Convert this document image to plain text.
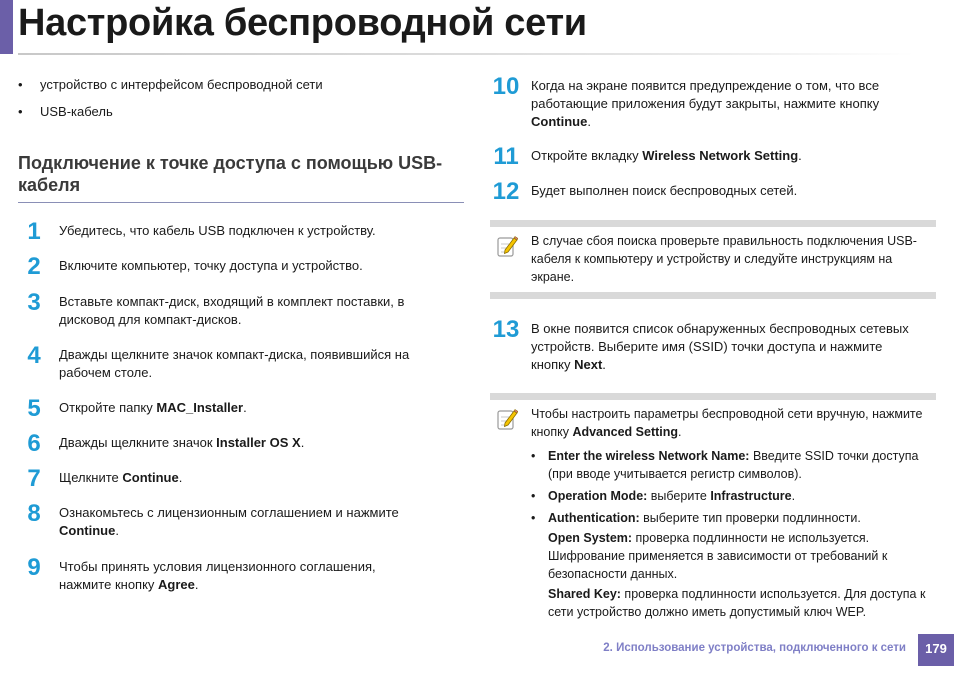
Настройка беспроводной сети
• устройство с интерфейсом беспроводной сети
• USB-кабель
Подключение к точке доступа с помощью USB-кабеля
1	Убедитесь, что кабель USB подключен к устройству.
2	Включите компьютер, точку доступа и устройство.
3	Вставьте компакт-диск, входящий в комплект поставки, в дисковод для компакт-дисков.
4	Дважды щелкните значок компакт-диска, появившийся на рабочем столе.
5	Откройте папку MAC_Installer.
6	Дважды щелкните значок Installer OS X.
7	Щелкните Continue.
8	Ознакомьтесь с лицензионным соглашением и нажмите Continue.
9	Чтобы принять условия лицензионного соглашения, нажмите кнопку Agree.
10 Когда на экране появится предупреждение о том, что все работающие приложения будут закрыты, нажмите кнопку Continue.
11 Откройте вкладку Wireless Network Setting.
12 Будет выполнен поиск беспроводных сетей.
В случае сбоя поиска проверьте правильность подключения USB-кабеля к компьютеру и устройству и следуйте инструкциям на экране.
13 В окне появится список обнаруженных беспроводных сетевых устройств. Выберите имя (SSID) точки доступа и нажмите кнопку Next.
Чтобы настроить параметры беспроводной сети вручную, нажмите кнопку Advanced Setting.
• Enter the wireless Network Name: Введите SSID точки доступа (при вводе учитывается регистр символов).
• Operation Mode: выберите Infrastructure.
• Authentication: выберите тип проверки подлинности.
Open System: проверка подлинности не используется. Шифрование применяется в зависимости от требований к безопасности данных.
Shared Key: проверка подлинности используется. Для доступа к сети устройство должно иметь допустимый ключ WEP.
2. Использование устройства, подключенного к сети	179
